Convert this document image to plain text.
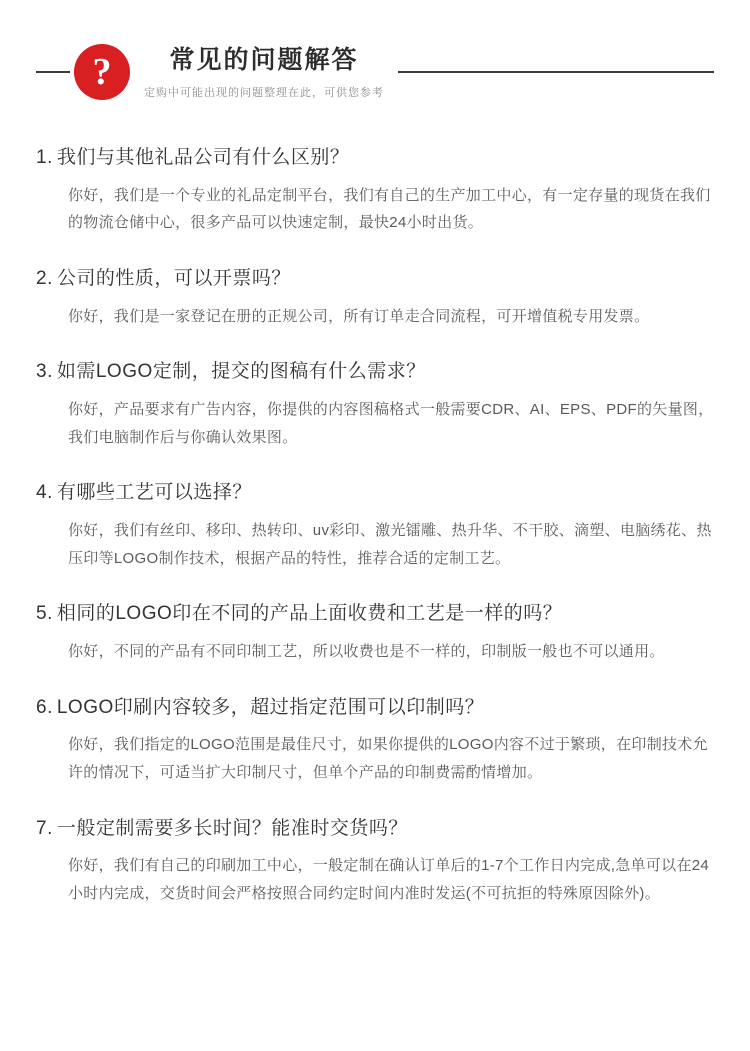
?	常见的问题解答
定购中可能出现的问题整理在此，可供您参考
1. 我们与其他礼品公司有什么区别？
你好，我们是一个专业的礼品定制平台，我们有自己的生产加工中心，有一定存量的现货在我们的物流仓储中心，很多产品可以快速定制，最快24小时出货。
2. 公司的性质，可以开票吗？
你好，我们是一家登记在册的正规公司，所有订单走合同流程，可开增值税专用发票。
3. 如需LOGO定制，提交的图稿有什么需求？
你好，产品要求有广告内容，你提供的内容图稿格式一般需要CDR、AI、EPS、PDF的矢量图，我们电脑制作后与你确认效果图。
4. 有哪些工艺可以选择？
你好，我们有丝印、移印、热转印、uv彩印、激光镭雕、热升华、不干胶、滴塑、电脑绣花、热压印等LOGO制作技术，根据产品的特性，推荐合适的定制工艺。
5. 相同的LOGO印在不同的产品上面收费和工艺是一样的吗？
你好，不同的产品有不同印制工艺，所以收费也是不一样的，印制版一般也不可以通用。
6. LOGO印刷内容较多，超过指定范围可以印制吗？
你好，我们指定的LOGO范围是最佳尺寸，如果你提供的LOGO内容不过于繁琐，在印制技术允许的情况下，可适当扩大印制尺寸，但单个产品的印制费需酌情增加。
7. 一般定制需要多长时间？能准时交货吗？
你好，我们有自己的印刷加工中心，一般定制在确认订单后的1-7个工作日内完成,急单可以在24小时内完成，交货时间会严格按照合同约定时间内准时发运(不可抗拒的特殊原因除外)。
